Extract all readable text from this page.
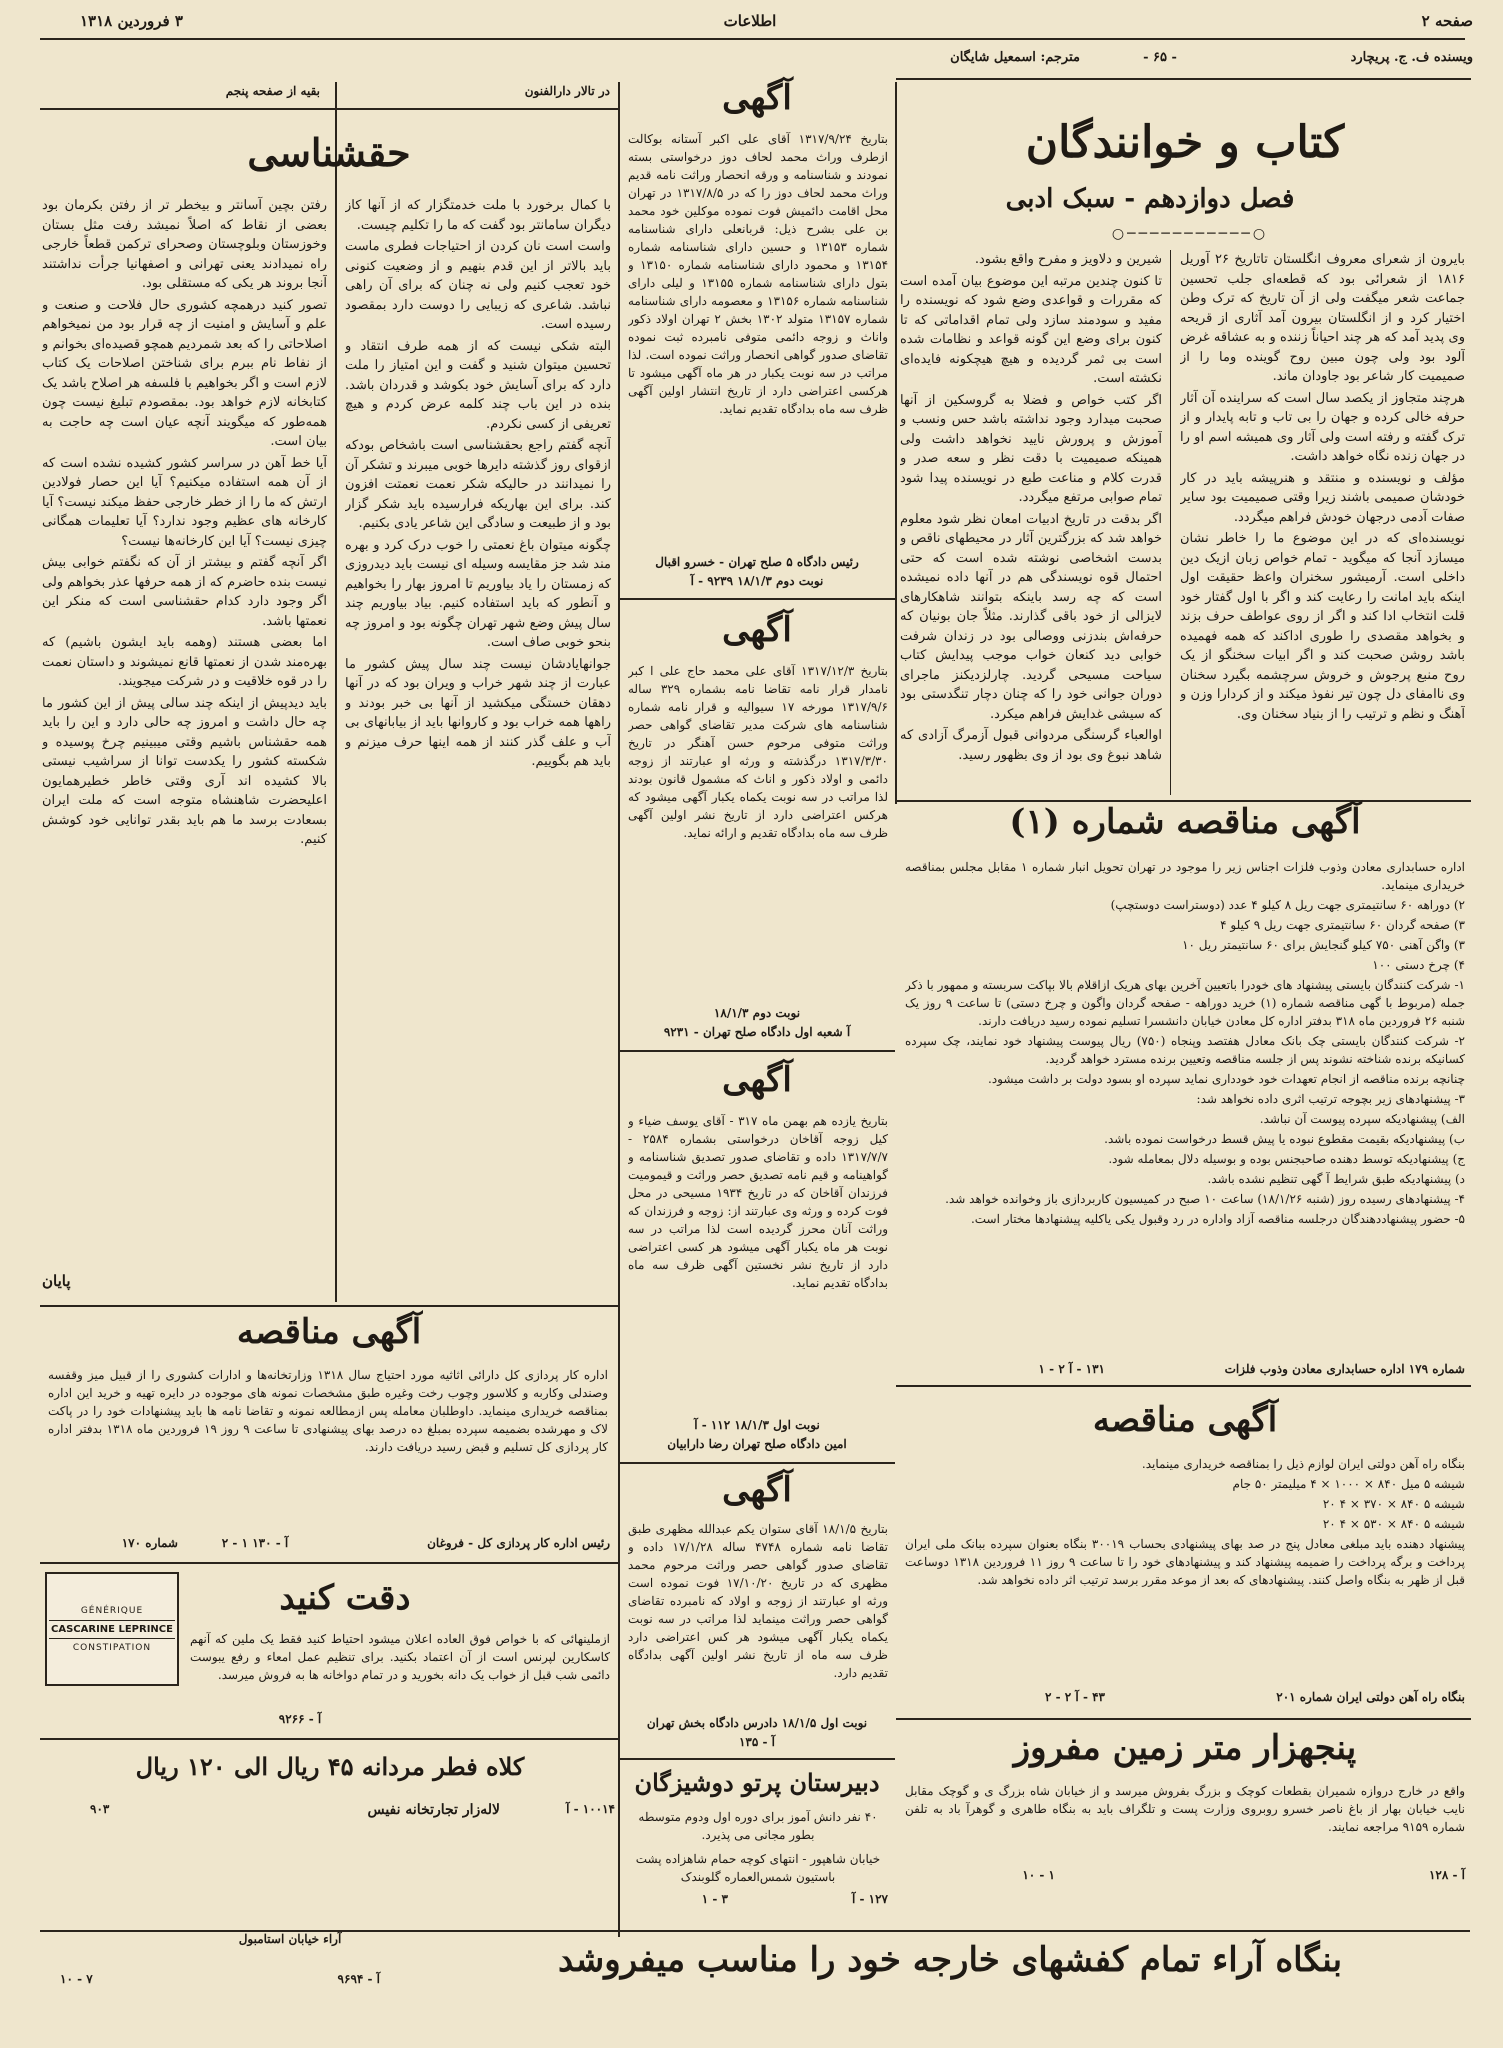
صفحه ۲
اطلاعات
۳ فروردین ۱۳۱۸
ویسنده ف. ج. پریچارد
- ۶۵ -
مترجم: اسمعیل شایگان
کتاب و خوانندگان
فصل دوازدهم - سبک ادبی
○───────────○

بایرون از شعرای معروف انگلستان تاتاریخ ۲۶ آوریل ۱۸۱۶ از شعرائی بود که قطعه‌ای جلب تحسین جماعت شعر میگفت ولی از آن تاریخ که ترک وطن اختیار کرد و از انگلستان بیرون آمد آثاری از قریحه وی پدید آمد که هر چند احیاناً زننده و به عشاقه غرض آلود بود ولی چون مبین روح گوینده وما را از صمیمیت کار شاعر بود جاودان ماند.

هرچند متجاوز از یکصد سال است که سراینده آن آثار حرفه خالی کرده و جهان را بی تاب و تابه پایدار و از ترک گفته و رفته است ولی آثار وی همیشه اسم او را در جهان زنده نگاه خواهد داشت.

مؤلف و نویسنده و منتقد و هنرپیشه باید در کار خودشان صمیمی باشند زیرا وقتی صمیمیت بود سایر صفات آدمی درجهان خودش فراهم میگردد.

نویسنده‌ای که در این موضوع ما را خاطر نشان میسازد آنجا که میگوید - تمام خواص زبان ازیک دین داخلی است. آرمیشور سخنران واعظ حقیقت اول اینکه باید امانت را رعایت کند و اگر با اول گفتار خود قلت انتخاب ادا کند و اگر از روی عواطف حرف بزند و بخواهد مقصدی را طوری اداکند که همه فهمیده باشد روشن صحبت کند و اگر ابیات سخنگو از یک روح منبع پرجوش و خروش سرچشمه بگیرد سخنان وی ناامفای دل چون تیر نفوذ میکند و از کردارا وزن و آهنگ و نظم و ترتیب را از بنیاد سخنان وی.

شیرین و دلاویز و مفرح واقع بشود.

تا کنون چندین مرتبه این موضوع بیان آمده است که مقررات و قواعدی وضع شود که نویسنده را مفید و سودمند سازد ولی تمام اقداماتی که تا کنون برای وضع این گونه قواعد و نظامات شده است بی ثمر گردیده و هیچ هیچکونه فایده‌ای نکشته است.

اگر کتب خواص و فضلا به گروسکین از آنها صحبت میدارد وجود نداشته باشد حس ونسب و آموزش و پرورش نایید نخواهد داشت ولی همینکه صمیمیت با دقت نظر و سعه صدر و قدرت کلام و مناعت طبع در نویسنده پیدا شود تمام صوابی مرتفع میگردد.

اگر بدقت در تاریخ ادبیات امعان نظر شود معلوم خواهد شد که بزرگترین آثار در محیطهای ناقص و بدست اشخاصی نوشته شده است که حتی احتمال قوه نویسندگی هم در آنها داده نمیشده است که چه رسد باینکه بتوانند شاهکارهای لایزالی از خود باقی گذارند. مثلاً جان بونیان که حرفه‌اش بندزنی ووصالی بود در زندان شرفت خوابی دید کنعان خواب موجب پیدایش کتاب سیاحت مسیحی گردید. چارلزدیکنز ماجرای دوران جوانی خود را که چنان دچار تنگدستی بود که سیشی غدایش فراهم میکرد.

اوالعباء گرسنگی مردوانی قبول آزمرگ آزادی که شاهد نبوغ وی بود از وی بظهور رسید.

آگهی مناقصه شماره (۱)

اداره حسابداری معادن وذوب فلزات اجناس زیر را موجود در تهران تحویل انبار شماره ۱ مقابل مجلس بمناقصه خریداری مینماید.

۲) دوراهه ۶۰ سانتیمتری جهت ریل ۸ کیلو ۴ عدد (دوستراست دوستچپ)

۳) صفحه گردان ۶۰ سانتیمتری جهت ریل ۹ کیلو ۴

۳) واگن آهنی ۷۵۰ کیلو گنجایش برای ۶۰ سانتیمتر ریل ۱۰

۴) چرخ دستی ۱۰۰

۱- شرکت کنندگان بایستی پیشنهاد های خودرا باتعیین آخرین بهای هریک ازاقلام بالا بپاکت سربسته و ممهور با ذکر جمله (مربوط با گهی مناقصه شماره (۱) خرید دوراهه - صفحه گردان واگون و چرخ دستی) تا ساعت ۹ روز یک شنبه ۲۶ فروردین ماه ۳۱۸ بدفتر اداره کل معادن خیابان دانشسرا تسلیم نموده رسید دریافت دارند.

۲- شرکت کنندگان بایستی چک بانک معادل هفتصد وپنجاه (۷۵۰) ریال پیوست پیشنهاد خود نمایند، چک سپرده کسانیکه برنده شناخته نشوند پس از جلسه مناقصه وتعیین برنده مسترد خواهد گردید.

چنانچه برنده مناقصه از انجام تعهدات خود خودداری نماید سپرده او بسود دولت بر داشت میشود.

۳- پیشنهادهای زیر بچوجه ترتیب اثری داده نخواهد شد:

الف) پیشنهادیکه سپرده پیوست آن نباشد.

ب) پیشنهادیکه بقیمت مقطوع نبوده یا پیش قسط درخواست نموده باشد.

ج) پیشنهادیکه توسط دهنده صاحبجنس بوده و بوسیله دلال بمعامله شود.

د) پیشنهادیکه طبق شرایط آ گهی تنظیم نشده باشد.

۴- پیشنهادهای رسیده روز (شنبه ۱۸/۱/۲۶) ساعت ۱۰ صبح در کمیسیون کاربردازی باز وخوانده خواهد شد.

۵- حضور پیشنهاددهندگان درجلسه مناقصه آزاد واداره در رد وقبول یکی یاکلیه پیشنهادها مختار است.

شماره ۱۷۹ اداره حسابداری معادن وذوب فلزات
۱۳۱ - آ ۲ - ۱
آگهی مناقصه

بنگاه راه آهن دولتی ایران لوازم ذیل را بمناقصه خریداری مینماید.

شیشه ۵ میل ۸۴۰ × ۱۰۰۰ × ۴ میلیمتر ۵۰ جام

شیشه ۵ ۸۴۰ × ۳۷۰ × ۴ ۲۰

شیشه ۵ ۸۴۰ × ۵۳۰ × ۴ ۲۰

پیشنهاد دهنده باید مبلغی معادل پنج در صد بهای پیشنهادی بحساب ۳۰۰۱۹ بنگاه بعنوان سپرده ببانک ملی ایران پرداخت و برگه پرداخت را ضمیمه پیشنهاد کند و پیشنهادهای خود را تا ساعت ۹ روز ۱۱ فروردین ۱۳۱۸ دوساعت قبل از ظهر به بنگاه واصل کنند. پیشنهادهای که بعد از موعد مقرر برسد ترتیب اثر داده نخواهد شد.

بنگاه راه آهن دولتی ایران شماره ۲۰۱
۴۳ - آ ۲ - ۲
پنجهزار متر زمین مفروز

واقع در خارج دروازه شمیران بقطعات کوچک و بزرگ بفروش میرسد و از خیابان شاه بزرگ ی و گوچک مقابل نایب خیابان بهار از باغ ناصر خسرو روبروی وزارت پست و تلگراف باید به بنگاه طاهری و گوهرآ باد به تلفن شماره ۹۱۵۹ مراجعه نمایند.

آ - ۱۲۸
۱ - ۱۰
آگهی

بتاریخ ۱۳۱۷/۹/۲۴ آقای علی اکبر آستانه بوکالت ازطرف وراث محمد لحاف دوز درخواستی بسته نمودند و شناسنامه و ورقه انحصار وراثت نامه قدیم وراث محمد لحاف دوز را که در ۱۳۱۷/۸/۵ در تهران محل اقامت دائمیش فوت نموده موکلین خود محمد بن علی بشرح ذیل: قربانعلی دارای شناسنامه شماره ۱۳۱۵۳ و حسین دارای شناسنامه شماره ۱۳۱۵۴ و محمود دارای شناسنامه شماره ۱۳۱۵۰ و بتول دارای شناسنامه شماره ۱۳۱۵۵ و لیلی دارای شناسنامه شماره ۱۳۱۵۶ و معصومه دارای شناسنامه شماره ۱۳۱۵۷ متولد ۱۳۰۲ بخش ۲ تهران اولاد ذکور واناث و زوجه دائمی متوفی نامبرده ثبت نموده تقاضای صدور گواهی انحصار وراثت نموده است. لذا مراتب در سه نوبت یکبار در هر ماه آگهی میشود تا هرکسی اعتراضی دارد از تاریخ انتشار اولین آگهی ظرف سه ماه بدادگاه تقدیم نماید.

رئیس دادگاه ۵ صلح تهران - خسرو اقبال
نوبت دوم ۱۸/۱/۳ ۹۲۳۹ - آ
آگهی

بتاریخ ۱۳۱۷/۱۲/۳ آقای علی محمد حاج علی ا کبر نامدار قرار نامه تقاضا نامه بشماره ۳۲۹ ساله ۱۳۱۷/۹/۶ مورخه ۱۷ سیوالیه و قرار نامه شماره شناسنامه های شرکت مدیر تقاضای گواهی حصر وراثت متوفی مرحوم حسن آهنگر در تاریخ ۱۳۱۷/۳/۳۰ درگذشته و ورثه او عبارتند از زوجه دائمی و اولاد ذکور و اناث که مشمول قانون بودند لذا مراتب در سه نوبت یکماه یکبار آگهی میشود که هرکس اعتراضی دارد از تاریخ نشر اولین آگهی ظرف سه ماه بدادگاه تقدیم و ارائه نماید.

نوبت دوم ۱۸/۱/۳
۹۲۳۱ - آ شعبه اول دادگاه صلح تهران
آگهی

بتاریخ یازده هم بهمن ماه ۳۱۷ - آقای یوسف ضیاء و کیل زوجه آقاخان درخواستی بشماره ۲۵۸۴ - ۱۳۱۷/۷/۷ داده و تقاضای صدور تصدیق شناسنامه و گواهینامه و قیم نامه تصدیق حصر وراثت و قیمومیت فرزندان آقاخان که در تاریخ ۱۹۳۴ مسیحی در محل فوت کرده و ورثه وی عبارتند از: زوجه و فرزندان که وراثت آنان محرز گردیده است لذا مراتب در سه نوبت هر ماه یکبار آگهی میشود هر کسی اعتراضی دارد از تاریخ نشر نخستین آگهی ظرف سه ماه بدادگاه تقدیم نماید.

نوبت اول ۱۸/۱/۳ ۱۱۲ - آ
امین دادگاه صلح تهران رضا دارابیان
آگهی

بتاریخ ۱۸/۱/۵ آقای ستوان یکم عبدالله مظهری طبق تقاضا نامه شماره ۴۷۴۸ ساله ۱۷/۱/۲۸ داده و تقاضای صدور گواهی حصر وراثت مرحوم محمد مظهری که در تاریخ ۱۷/۱۰/۲۰ فوت نموده است ورثه او عبارتند از زوجه و اولاد که نامبرده تقاضای گواهی حصر وراثت مینماید لذا مراتب در سه نوبت یکماه یکبار آگهی میشود هر کس اعتراضی دارد ظرف سه ماه از تاریخ نشر اولین آگهی بدادگاه تقدیم دارد.

نوبت اول ۱۸/۱/۵ دادرس دادگاه بخش تهران
۱۳۵ - آ
دبیرستان پرتو دوشیزگان

۴۰ نفر دانش آموز برای دوره اول ودوم متوسطه بطور مجانی می پذیرد.

خیابان شاهپور - انتهای کوچه حمام شاهزاده پشت باستیون شمس‌العماره گلوبندک

۱۲۷ - آ
۳ - ۱
بقیه از صفحه پنجم	در تالار دارالفنون
حقشناسی

رفتن بچین آسانتر و بیخطر تر از رفتن بکرمان بود بعضی از نقاط که اصلاً نمیشد رفت مثل بستان وخوزستان وبلوچستان وصحرای ترکمن قطعاً خارجی راه نمیدادند یعنی تهرانی و اصفهانیا جرأت نداشتند آنجا بروند هر یکی که مستقلی بود.

تصور کنید درهمچه کشوری حال فلاحت و صنعت و علم و آسایش و امنیت از چه قرار بود من نمیخواهم اصلاحاتی را که بعد شمردیم همچو قصیده‌ای بخوانم و از نفاط نام ببرم برای شناختن اصلاحات یک کتاب لازم است و اگر بخواهیم با فلسفه هر اصلاح باشد یک کتابخانه لازم خواهد بود. بمقصودم تبلیغ نیست چون همه‌طور که میگویند آنچه عیان است چه حاجت به بیان است.

آیا خط آهن در سراسر کشور کشیده نشده است که از آن همه استفاده میکنیم؟ آیا این حصار فولادین ارتش که ما را از خطر خارجی حفظ میکند نیست؟ آیا کارخانه های عظیم وجود ندارد؟ آیا تعلیمات همگانی چیزی نیست؟ آیا این کارخانه‌ها نیست؟

اگر آنچه گفتم و بیشتر از آن که نگفتم خوابی بیش نیست بنده حاضرم که از همه حرفها عذر بخواهم ولی اگر وجود دارد کدام حقشناسی است که منکر این نعمتها باشد.

اما بعضی هستند (وهمه باید ایشون باشیم) که بهره‌مند شدن از نعمتها قانع نمیشوند و داستان نعمت را در قوه خلاقیت و در شرکت میجویند.

باید دیدپیش از اینکه چند سالی پیش از این کشور ما چه حال داشت و امروز چه حالی دارد و این را باید همه حقشناس باشیم وقتی میبینیم چرخ پوسیده و شکسته کشور را یکدست توانا از سراشیب نیستی بالا کشیده اند آری وقتی خاطر خطیرهمایون اعلیحضرت شاهنشاه متوجه است که ملت ایران بسعادت برسد ما هم باید بقدر توانایی خود کوشش کنیم.

با کمال برخورد با ملت خدمتگزار که از آنها کاز دیگران سامانتر بود گفت که ما را تکلیم چیست.

واست است نان کردن از احتیاجات فطری ماست باید بالاتر از این قدم بنهیم و از وضعیت کنونی خود تعجب کنیم ولی نه چنان که برای آن راهی نباشد. شاعری که زیبایی را دوست دارد بمقصود رسیده است.

البته شکی نیست که از همه طرف انتقاد و تحسین میتوان شنید و گفت و این امتیاز را ملت دارد که برای آسایش خود بکوشد و قدردان باشد. بنده در این باب چند کلمه عرض کردم و هیچ تعریفی از کسی نکردم.

آنچه گفتم راجع بحقشناسی است باشخاص بودکه ازقوای روز گذشته دایرها خوبی میبرند و تشکر آن را نمیدانند در حالیکه شکر نعمت نعمتت افزون کند. برای این بهاریکه فرارسیده باید شکر گزار بود و از طبیعت و سادگی این شاعر یادی بکنیم.

چگونه میتوان باغ نعمتی را خوب درک کرد و بهره مند شد جز مقایسه وسیله ای نیست باید دیدروزی که زمستان را یاد بیاوریم تا امروز بهار را بخواهیم و آنطور که باید استفاده کنیم. بیاد بیاوریم چند سال پیش وضع شهر تهران چگونه بود و امروز چه بنحو خوبی صاف است.

جوانهایادشان نیست چند سال پیش کشور ما عبارت از چند شهر خراب و ویران بود که در آنها دهقان خستگی میکشید از آنها بی خبر بودند و راهها همه خراب بود و کاروانها باید از بیابانهای بی آب و علف گذر کنند از همه اینها حرف میزنم و باید هم بگوییم.

پایان
آگهی مناقصه

اداره کار پردازی کل دارائی اثاثیه مورد احتیاج سال ۱۳۱۸ وزارتخانه‌ها و ادارات کشوری را از قبیل میز وقفسه وصندلی وکاربه و کلاسور وچوب رخت وغیره طبق مشخصات نمونه های موجوده در دایره تهیه و خرید این اداره بمناقصه خریداری مینماید. داوطلبان معامله پس ازمطالعه نمونه و تقاضا نامه ها باید پیشنهادات خود را در پاکت لاک و مهرشده بضمیمه سپرده بمبلغ ده درصد بهای پیشنهادی تا ساعت ۹ روز ۱۹ فروردین ماه ۱۳۱۸ بدفتر اداره کار پردازی کل تسلیم و قبض رسید دریافت دارند.

رئیس اداره کار پردازی کل - فروغان
شماره ۱۷۰	آ - ۱۳۰ ۱ - ۲
دقت کنید
GÉNÉRIQUE
CASCARINE LEPRINCE
CONSTIPATION

ازملینهائی که با خواص فوق العاده اعلان میشود احتیاط کنید فقط یک ملین که آنهم کاسکارین لپرنس است از آن اعتماد بکنید. برای تنظیم عمل امعاء و رفع یبوست دائمی شب قبل از خواب یک دانه بخورید و در تمام دواخانه ها به فروش میرسد.

۹۲۶۶ - آ
کلاه فطر مردانه ۴۵ ریال الی ۱۲۰ ریال
لاله‌زار تجارتخانه نفیس	۱۰۰۱۴ - آ
۹۰۳
بنگاه آراء تمام کفشهای خارجه خود را مناسب میفروشد
آراء خیابان استامبول
آ - ۹۶۹۴
۱۰ - ۷
